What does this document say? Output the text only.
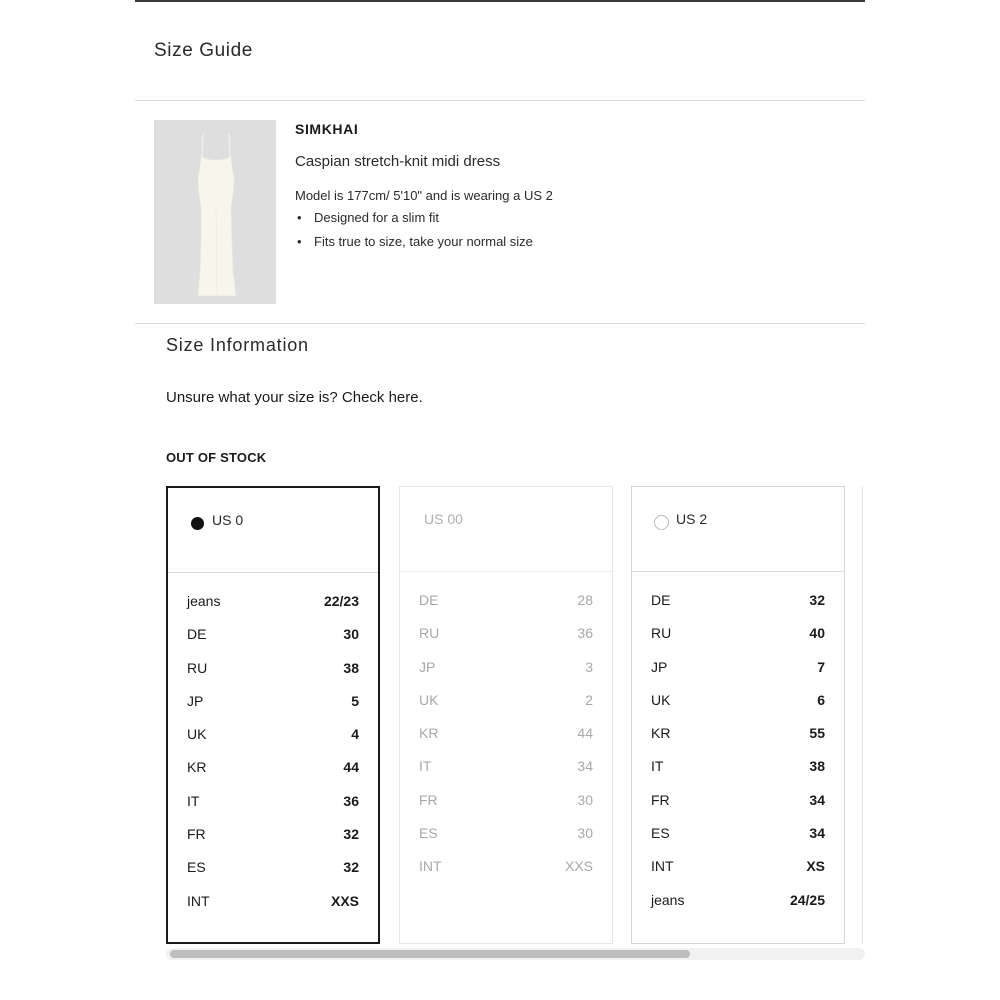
Size Guide
SIMKHAI
Caspian stretch-knit midi dress
Model is 177cm/ 5'10" and is wearing a US 2
• Designed for a slim fit
• Fits true to size, take your normal size
Size Information
Unsure what your size is? Check here.
OUT OF STOCK
US 0
jeans	22/23
DE	30
RU	38
JP	5
UK	4
KR	44
IT	36
FR	32
ES	32
INT	XXS
US 00
DE	28
RU	36
JP	3
UK	2
KR	44
IT	34
FR	30
ES	30
INT	XXS
US 2
DE	32
RU	40
JP	7
UK	6
KR	55
IT	38
FR	34
ES	34
INT	XS
jeans	24/25
